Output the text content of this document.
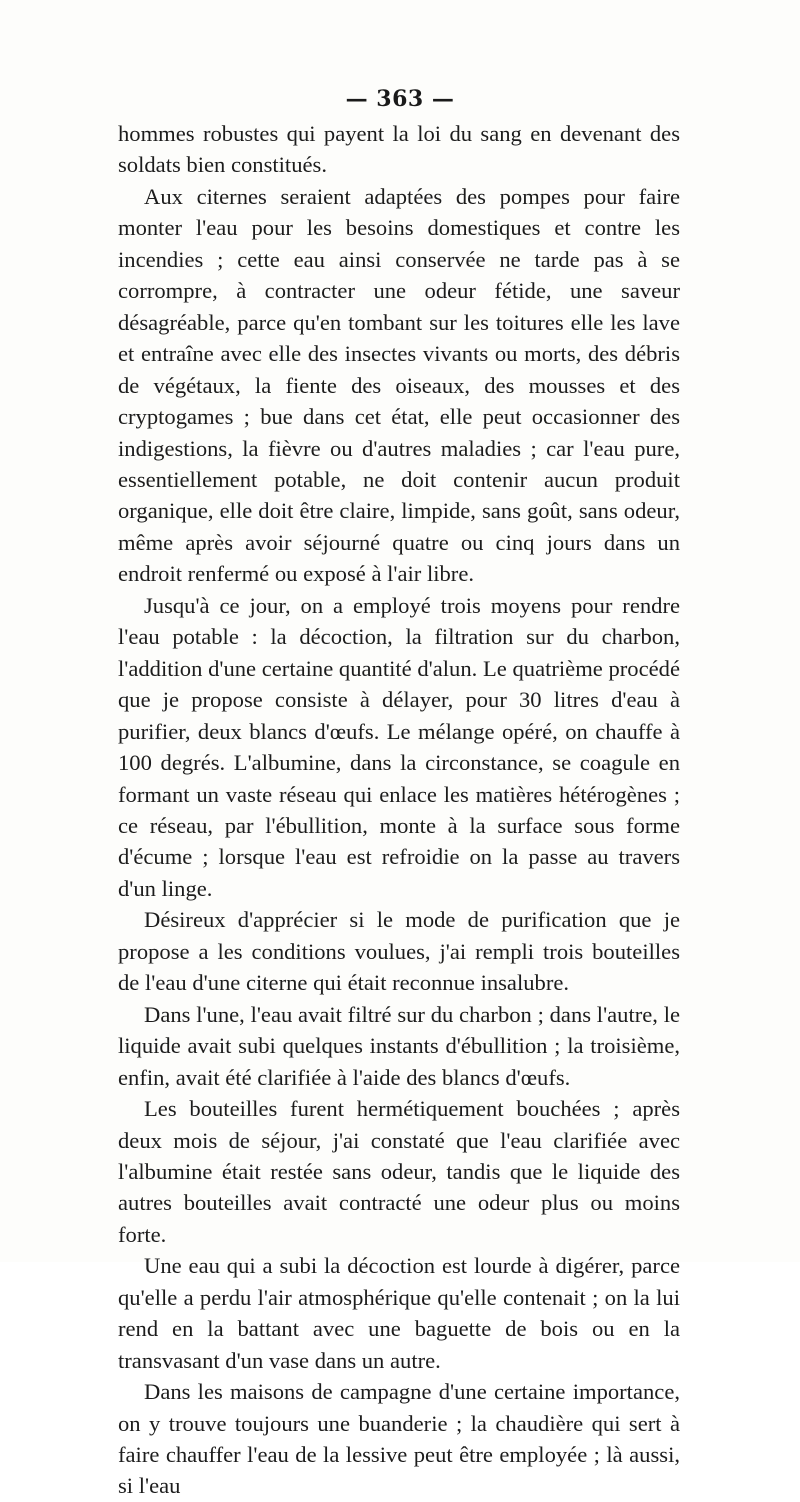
— 363 —

hommes robustes qui payent la loi du sang en devenant des soldats bien constitués.

Aux citernes seraient adaptées des pompes pour faire monter l'eau pour les besoins domestiques et contre les incendies ; cette eau ainsi conservée ne tarde pas à se corrompre, à contracter une odeur fétide, une saveur désagréable, parce qu'en tombant sur les toitures elle les lave et entraîne avec elle des insectes vivants ou morts, des débris de végétaux, la fiente des oiseaux, des mousses et des cryptogames ; bue dans cet état, elle peut occasionner des indigestions, la fièvre ou d'autres maladies ; car l'eau pure, essentiellement potable, ne doit contenir aucun produit organique, elle doit être claire, limpide, sans goût, sans odeur, même après avoir séjourné quatre ou cinq jours dans un endroit renfermé ou exposé à l'air libre.

Jusqu'à ce jour, on a employé trois moyens pour rendre l'eau potable : la décoction, la filtration sur du charbon, l'addition d'une certaine quantité d'alun. Le quatrième procédé que je propose consiste à délayer, pour 30 litres d'eau à purifier, deux blancs d'œufs. Le mélange opéré, on chauffe à 100 degrés. L'albumine, dans la circonstance, se coagule en formant un vaste réseau qui enlace les matières hétérogènes ; ce réseau, par l'ébullition, monte à la surface sous forme d'écume ; lorsque l'eau est refroidie on la passe au travers d'un linge.

Désireux d'apprécier si le mode de purification que je propose a les conditions voulues, j'ai rempli trois bouteilles de l'eau d'une citerne qui était reconnue insalubre.

Dans l'une, l'eau avait filtré sur du charbon ; dans l'autre, le liquide avait subi quelques instants d'ébullition ; la troisième, enfin, avait été clarifiée à l'aide des blancs d'œufs.

Les bouteilles furent hermétiquement bouchées ; après deux mois de séjour, j'ai constaté que l'eau clarifiée avec l'albumine était restée sans odeur, tandis que le liquide des autres bouteilles avait contracté une odeur plus ou moins forte.

Une eau qui a subi la décoction est lourde à digérer, parce qu'elle a perdu l'air atmosphérique qu'elle contenait ; on la lui rend en la battant avec une baguette de bois ou en la transvasant d'un vase dans un autre.

Dans les maisons de campagne d'une certaine importance, on y trouve toujours une buanderie ; la chaudière qui sert à faire chauffer l'eau de la lessive peut être employée ; là aussi, si l'eau
